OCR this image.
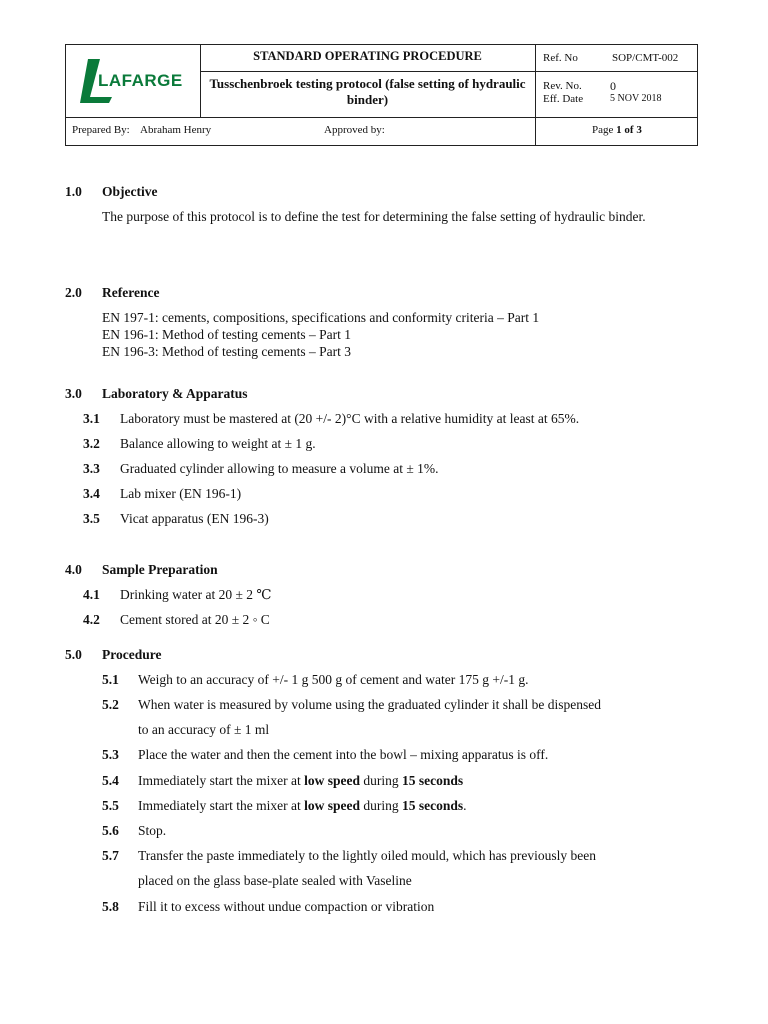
LAFARGE
STANDARD OPERATING PROCEDURE
Tusschenbroek testing protocol (false setting of hydraulic binder)
Ref. No	SOP/CMT-002
Rev. No. 0
Eff. Date	5 NOV 2018
Prepared By: Abraham Henry	Approved by:	Page 1 of 3
1.0 Objective
The purpose of this protocol is to define the test for determining the false setting of hydraulic binder.
2.0 Reference
EN 197-1: cements, compositions, specifications and conformity criteria – Part 1
EN 196-1: Method of testing cements – Part 1
EN 196-3: Method of testing cements – Part 3
3.0 Laboratory & Apparatus
3.1 Laboratory must be mastered at (20 +/- 2)°C with a relative humidity at least at 65%.
3.2 Balance allowing to weight at ± 1 g.
3.3 Graduated cylinder allowing to measure a volume at ± 1%.
3.4 Lab mixer (EN 196-1)
3.5 Vicat apparatus (EN 196-3)
4.0 Sample Preparation
4.1 Drinking water at 20 ± 2 ℃
4.2 Cement stored at 20 ± 2 ◦ C
5.0 Procedure
5.1 Weigh to an accuracy of +/- 1 g 500 g of cement and water 175 g +/-1 g.
5.2 When water is measured by volume using the graduated cylinder it shall be dispensed
to an accuracy of ± 1 ml
5.3 Place the water and then the cement into the bowl – mixing apparatus is off.
5.4 Immediately start the mixer at low speed during 15 seconds
5.5 Immediately start the mixer at low speed during 15 seconds.
5.6 Stop.
5.7 Transfer the paste immediately to the lightly oiled mould, which has previously been
placed on the glass base-plate sealed with Vaseline
5.8 Fill it to excess without undue compaction or vibration
